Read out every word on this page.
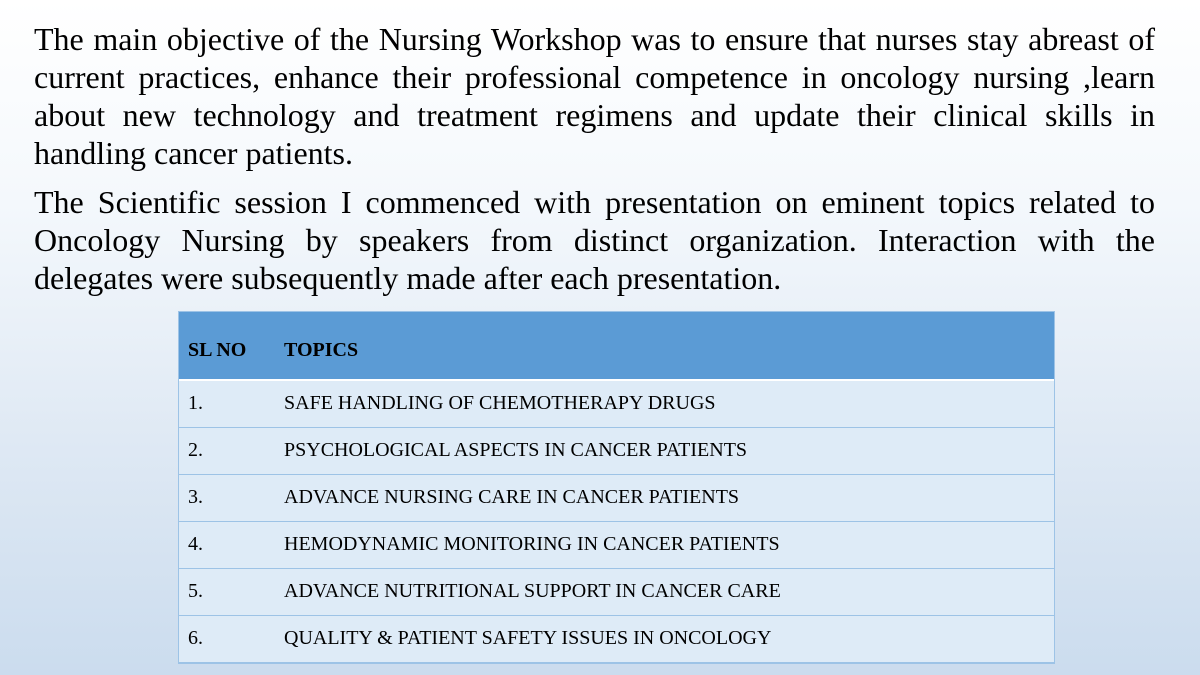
The main objective of the Nursing Workshop was to ensure that nurses stay abreast of current practices, enhance their professional competence in oncology nursing ,learn about new technology and treatment regimens and update their clinical skills in handling cancer patients.

The Scientific session I commenced with presentation on eminent topics related to Oncology Nursing by speakers from distinct organization. Interaction with the delegates were subsequently made after each presentation.

SL NO	TOPICS
1.	SAFE HANDLING OF CHEMOTHERAPY DRUGS
2.	PSYCHOLOGICAL ASPECTS IN CANCER PATIENTS
3.	ADVANCE NURSING CARE IN CANCER PATIENTS
4.	HEMODYNAMIC MONITORING IN CANCER PATIENTS
5.	ADVANCE NUTRITIONAL SUPPORT IN CANCER CARE
6.	QUALITY & PATIENT SAFETY ISSUES IN ONCOLOGY
